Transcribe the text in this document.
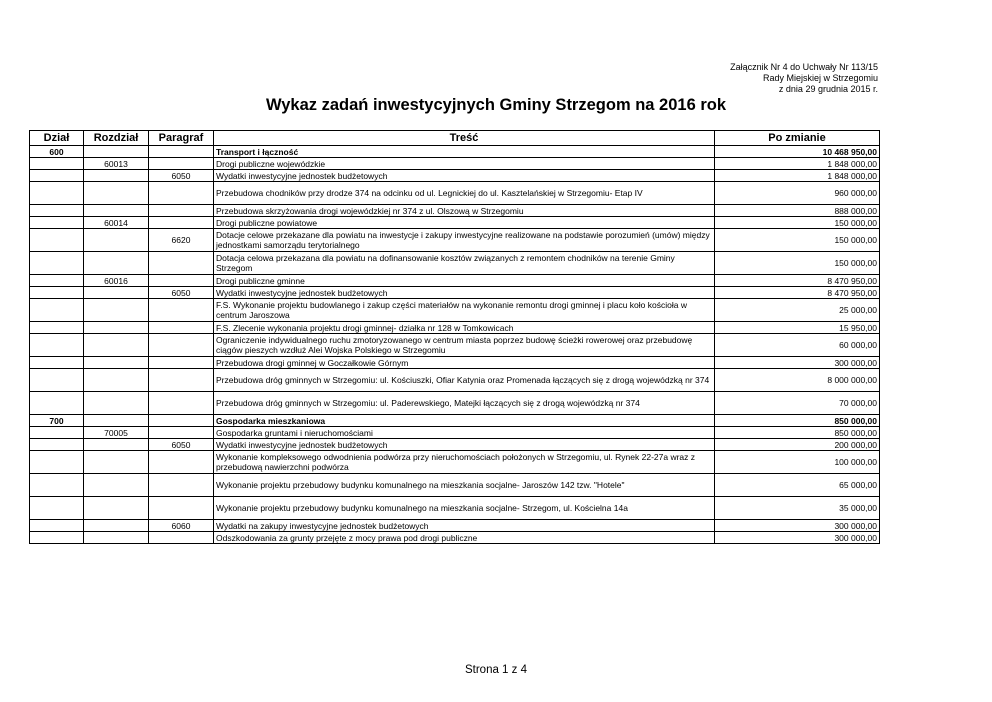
Załącznik Nr 4 do Uchwały Nr 113/15
Rady Miejskiej w Strzegomiu
z dnia 29 grudnia 2015 r.
Wykaz zadań inwestycyjnych Gminy Strzegom na 2016 rok
Dział	Rozdział	Paragraf	Treść	Po zmianie
600			Transport i łączność	10 468 950,00
	60013		Drogi publiczne wojewódzkie	1 848 000,00
		6050	Wydatki inwestycyjne jednostek budżetowych	1 848 000,00
			Przebudowa chodników przy drodze 374 na odcinku od ul. Legnickiej do ul. Kasztelańskiej w Strzegomiu- Etap IV	960 000,00
			Przebudowa skrzyżowania drogi wojewódzkiej nr 374 z ul. Olszową w Strzegomiu	888 000,00
	60014		Drogi publiczne powiatowe	150 000,00
		6620	Dotacje celowe przekazane dla powiatu na inwestycje i zakupy inwestycyjne realizowane na podstawie porozumień (umów) między jednostkami samorządu terytorialnego	150 000,00
			Dotacja celowa przekazana dla powiatu na dofinansowanie kosztów związanych z remontem chodników na terenie Gminy Strzegom	150 000,00
	60016		Drogi publiczne gminne	8 470 950,00
		6050	Wydatki inwestycyjne jednostek budżetowych	8 470 950,00
			F.S. Wykonanie projektu budowlanego i zakup części materiałów na wykonanie remontu drogi gminnej i placu koło kościoła w centrum Jaroszowa	25 000,00
			F.S. Zlecenie wykonania projektu drogi gminnej- działka nr 128 w Tomkowicach	15 950,00
			Ograniczenie indywidualnego ruchu zmotoryzowanego w centrum miasta poprzez budowę ścieżki rowerowej oraz przebudowę ciągów pieszych wzdłuż Alei Wojska Polskiego w Strzegomiu	60 000,00
			Przebudowa drogi gminnej w Goczałkowie Górnym	300 000,00
			Przebudowa dróg gminnych w Strzegomiu: ul. Kościuszki, Ofiar Katynia oraz Promenada łączących się z drogą wojewódzką nr 374	8 000 000,00
			Przebudowa dróg gminnych w Strzegomiu: ul. Paderewskiego, Matejki łączących się z drogą wojewódzką nr 374	70 000,00
700			Gospodarka mieszkaniowa	850 000,00
	70005		Gospodarka gruntami i nieruchomościami	850 000,00
		6050	Wydatki inwestycyjne jednostek budżetowych	200 000,00
			Wykonanie kompleksowego odwodnienia podwórza przy nieruchomościach położonych w Strzegomiu, ul. Rynek 22-27a wraz z przebudową nawierzchni podwórza	100 000,00
			Wykonanie projektu przebudowy budynku komunalnego na mieszkania socjalne- Jaroszów 142 tzw. "Hotele"	65 000,00
			Wykonanie projektu przebudowy budynku komunalnego na mieszkania socjalne- Strzegom, ul. Kościelna 14a	35 000,00
		6060	Wydatki na zakupy inwestycyjne jednostek budżetowych	300 000,00
			Odszkodowania za grunty przejęte z mocy prawa pod drogi publiczne	300 000,00
Strona 1 z 4
